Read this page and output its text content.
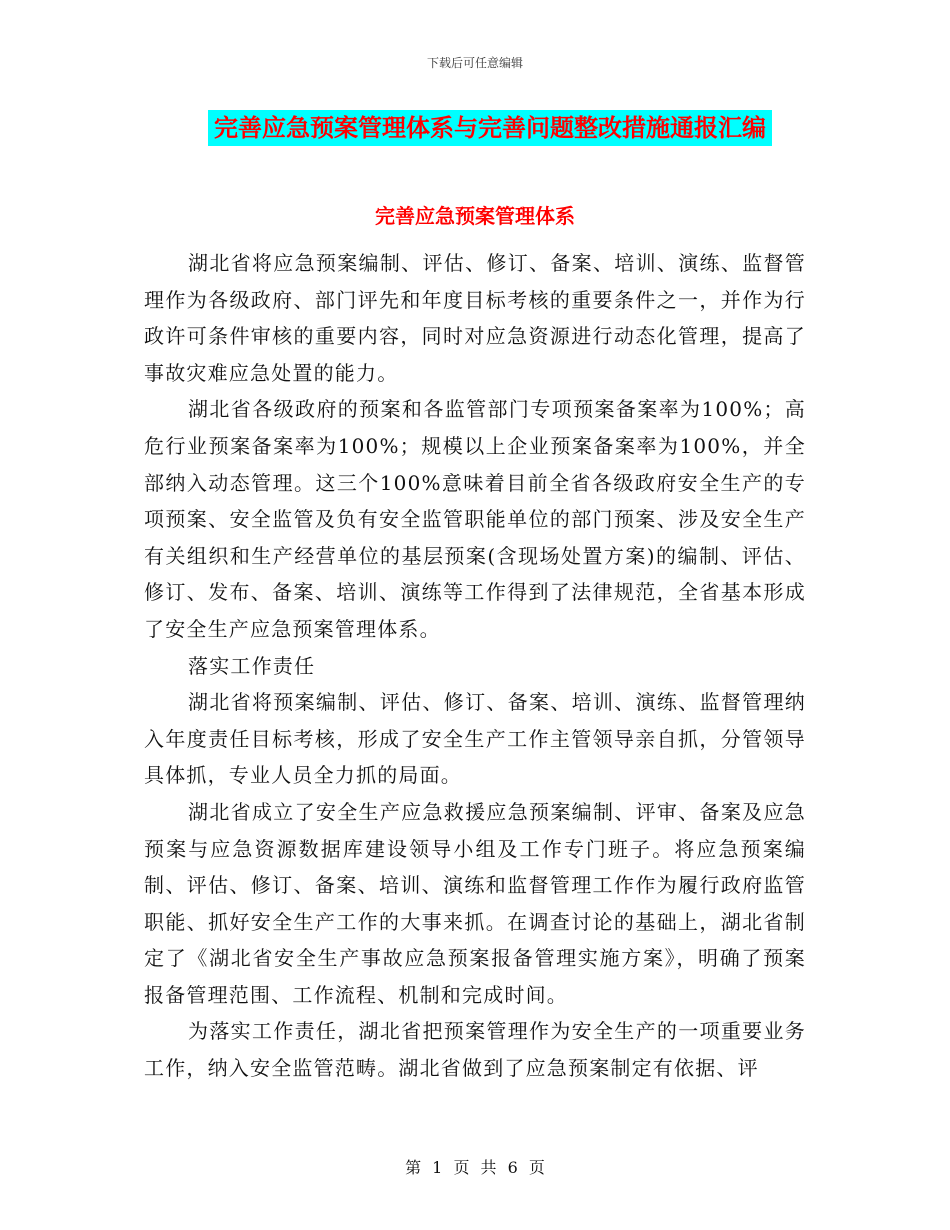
下载后可任意编辑
完善应急预案管理体系与完善问题整改措施通报汇编
完善应急预案管理体系

湖北省将应急预案编制、评估、修订、备案、培训、演练、监督管理作为各级政府、部门评先和年度目标考核的重要条件之一，并作为行政许可条件审核的重要内容，同时对应急资源进行动态化管理，提高了事故灾难应急处置的能力。

湖北省各级政府的预案和各监管部门专项预案备案率为100%；高危行业预案备案率为100%；规模以上企业预案备案率为100%，并全部纳入动态管理。这三个100%意味着目前全省各级政府安全生产的专项预案、安全监管及负有安全监管职能单位的部门预案、涉及安全生产有关组织和生产经营单位的基层预案(含现场处置方案)的编制、评估、修订、发布、备案、培训、演练等工作得到了法律规范，全省基本形成了安全生产应急预案管理体系。

落实工作责任

湖北省将预案编制、评估、修订、备案、培训、演练、监督管理纳入年度责任目标考核，形成了安全生产工作主管领导亲自抓，分管领导具体抓，专业人员全力抓的局面。

湖北省成立了安全生产应急救援应急预案编制、评审、备案及应急预案与应急资源数据库建设领导小组及工作专门班子。将应急预案编制、评估、修订、备案、培训、演练和监督管理工作作为履行政府监管职能、抓好安全生产工作的大事来抓。在调查讨论的基础上，湖北省制定了《湖北省安全生产事故应急预案报备管理实施方案》，明确了预案报备管理范围、工作流程、机制和完成时间。

为落实工作责任，湖北省把预案管理作为安全生产的一项重要业务工作，纳入安全监管范畴。湖北省做到了应急预案制定有依据、评

第 1 页 共 6 页
